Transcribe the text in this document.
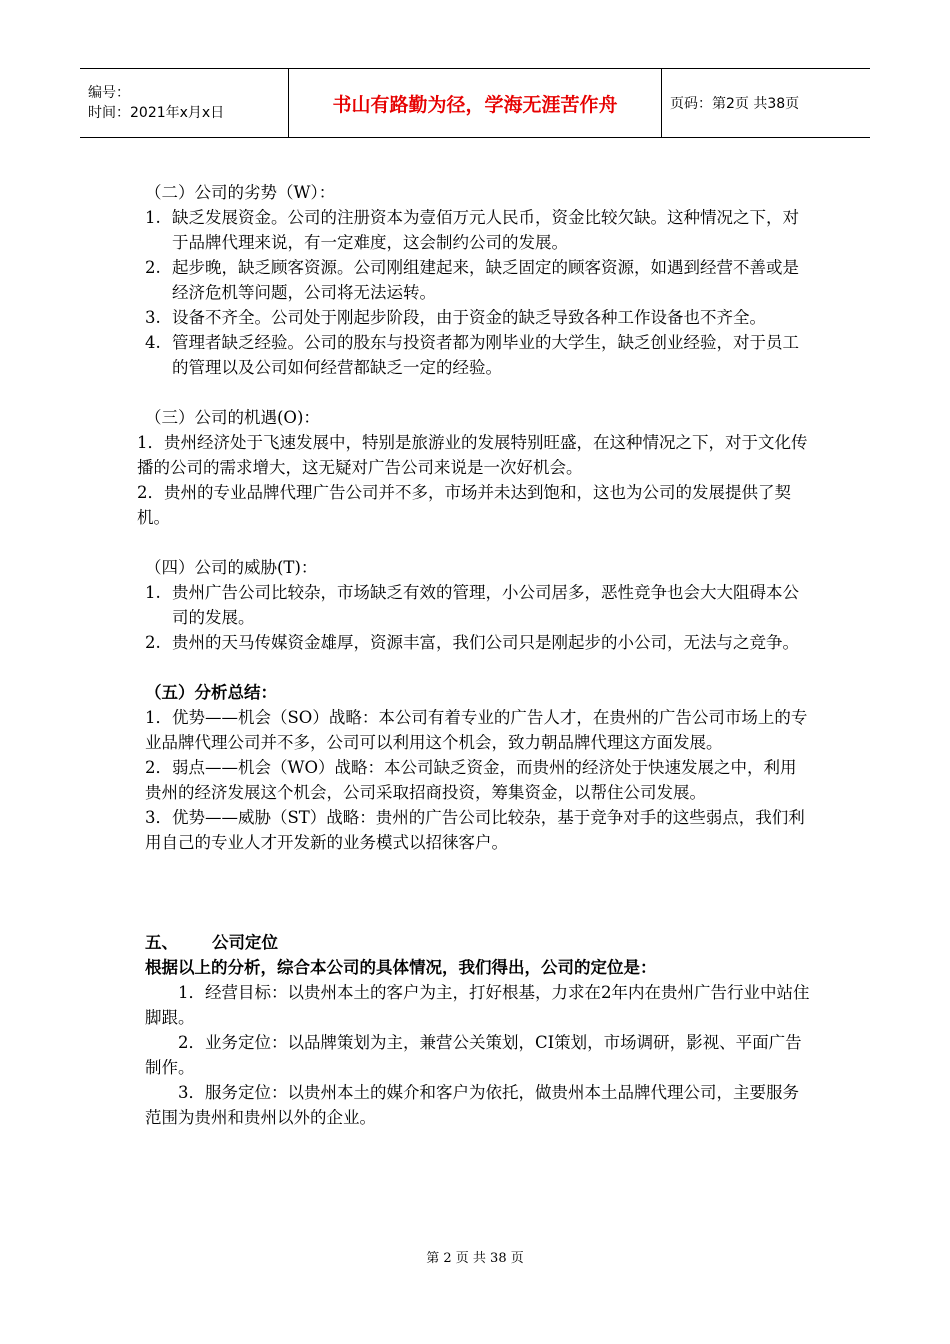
编号：
时间：2021年x月x日	书山有路勤为径，学海无涯苦作舟	页码：第2页 共38页
（二）公司的劣势（W）：
1. 缺乏发展资金。公司的注册资本为壹佰万元人民币，资金比较欠缺。这种情况之下，对于品牌代理来说，有一定难度，这会制约公司的发展。
2. 起步晚，缺乏顾客资源。公司刚组建起来，缺乏固定的顾客资源，如遇到经营不善或是经济危机等问题，公司将无法运转。
3. 设备不齐全。公司处于刚起步阶段，由于资金的缺乏导致各种工作设备也不齐全。
4. 管理者缺乏经验。公司的股东与投资者都为刚毕业的大学生，缺乏创业经验，对于员工的管理以及公司如何经营都缺乏一定的经验。
（三）公司的机遇(O)：
1．贵州经济处于飞速发展中，特别是旅游业的发展特别旺盛，在这种情况之下，对于文化传播的公司的需求增大，这无疑对广告公司来说是一次好机会。
2．贵州的专业品牌代理广告公司并不多，市场并未达到饱和，这也为公司的发展提供了契机。
（四）公司的威胁(T)：
1. 贵州广告公司比较杂，市场缺乏有效的管理，小公司居多，恶性竞争也会大大阻碍本公司的发展。
2. 贵州的天马传媒资金雄厚，资源丰富，我们公司只是刚起步的小公司，无法与之竞争。
（五）分析总结：
1．优势——机会（SO）战略：本公司有着专业的广告人才，在贵州的广告公司市场上的专业品牌代理公司并不多，公司可以利用这个机会，致力朝品牌代理这方面发展。
2．弱点——机会（WO）战略：本公司缺乏资金，而贵州的经济处于快速发展之中，利用贵州的经济发展这个机会，公司采取招商投资，筹集资金，以帮住公司发展。
3．优势——威胁（ST）战略：贵州的广告公司比较杂，基于竞争对手的这些弱点，我们利用自己的专业人才开发新的业务模式以招徕客户。
五、	公司定位
根据以上的分析，综合本公司的具体情况，我们得出，公司的定位是：
1．经营目标：以贵州本土的客户为主，打好根基，力求在2年内在贵州广告行业中站住脚跟。
2．业务定位：以品牌策划为主，兼营公关策划，CI策划，市场调研，影视、平面广告制作。
3．服务定位：以贵州本土的媒介和客户为依托，做贵州本土品牌代理公司，主要服务范围为贵州和贵州以外的企业。
第 2 页 共 38 页
